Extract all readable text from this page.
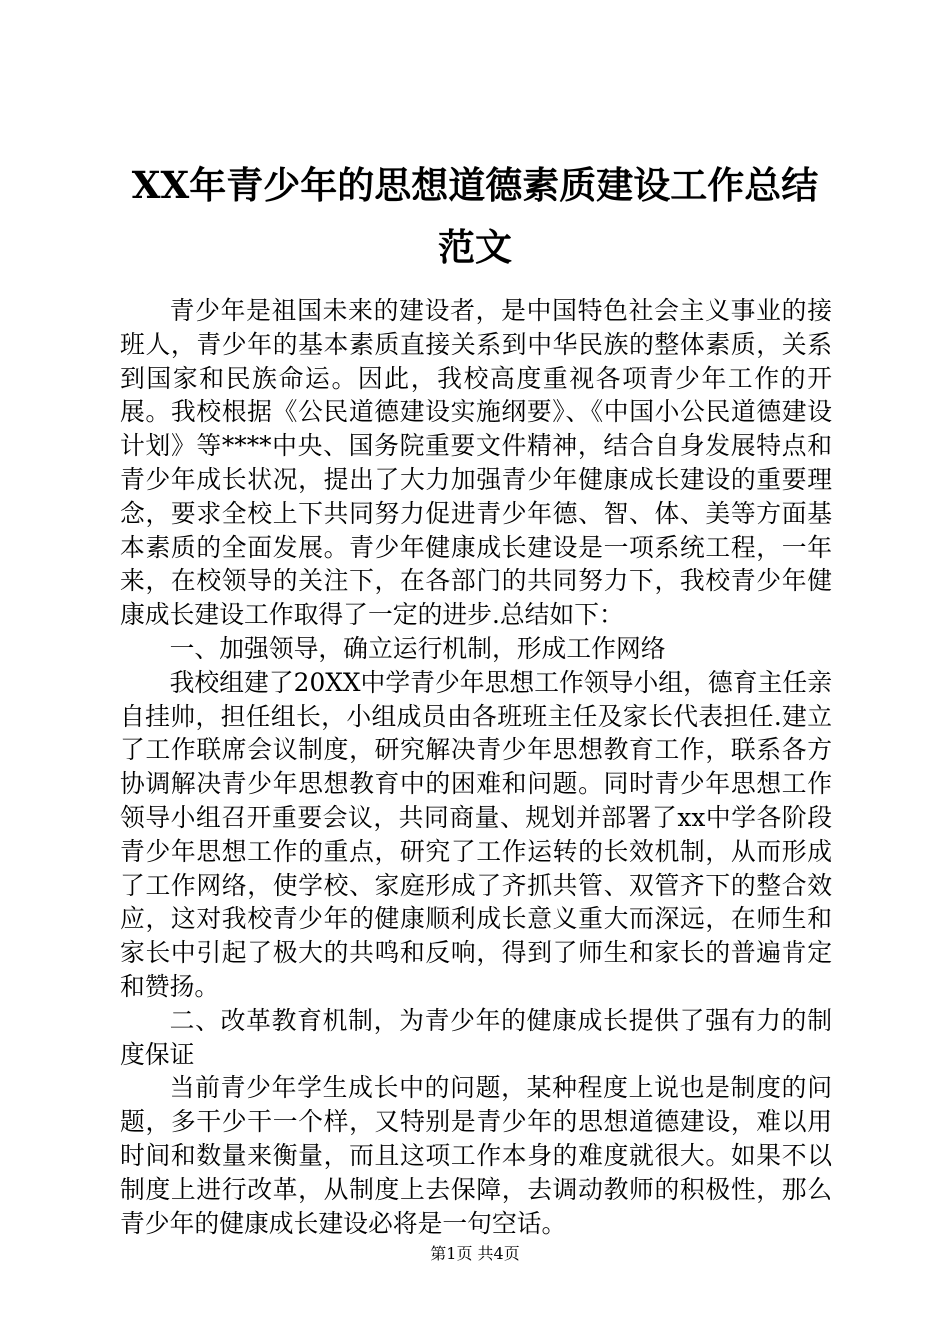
XX年青少年的思想道德素质建设工作总结范文

青少年是祖国未来的建设者，是中国特色社会主义事业的接班人，青少年的基本素质直接关系到中华民族的整体素质，关系到国家和民族命运。因此，我校高度重视各项青少年工作的开展。我校根据《公民道德建设实施纲要》、《中国小公民道德建设计划》等****中央、国务院重要文件精神，结合自身发展特点和青少年成长状况，提出了大力加强青少年健康成长建设的重要理念，要求全校上下共同努力促进青少年德、智、体、美等方面基本素质的全面发展。青少年健康成长建设是一项系统工程，一年来，在校领导的关注下，在各部门的共同努力下，我校青少年健康成长建设工作取得了一定的进步.总结如下：

一、加强领导，确立运行机制，形成工作网络

我校组建了20XX中学青少年思想工作领导小组，德育主任亲自挂帅，担任组长，小组成员由各班班主任及家长代表担任.建立了工作联席会议制度，研究解决青少年思想教育工作，联系各方协调解决青少年思想教育中的困难和问题。同时青少年思想工作领导小组召开重要会议，共同商量、规划并部署了xx中学各阶段青少年思想工作的重点，研究了工作运转的长效机制，从而形成了工作网络，使学校、家庭形成了齐抓共管、双管齐下的整合效应，这对我校青少年的健康顺利成长意义重大而深远，在师生和家长中引起了极大的共鸣和反响，得到了师生和家长的普遍肯定和赞扬。

二、改革教育机制，为青少年的健康成长提供了强有力的制度保证

当前青少年学生成长中的问题，某种程度上说也是制度的问题，多干少干一个样，又特别是青少年的思想道德建设，难以用时间和数量来衡量，而且这项工作本身的难度就很大。如果不以制度上进行改革，从制度上去保障，去调动教师的积极性，那么青少年的健康成长建设必将是一句空话。

第1页 共4页
